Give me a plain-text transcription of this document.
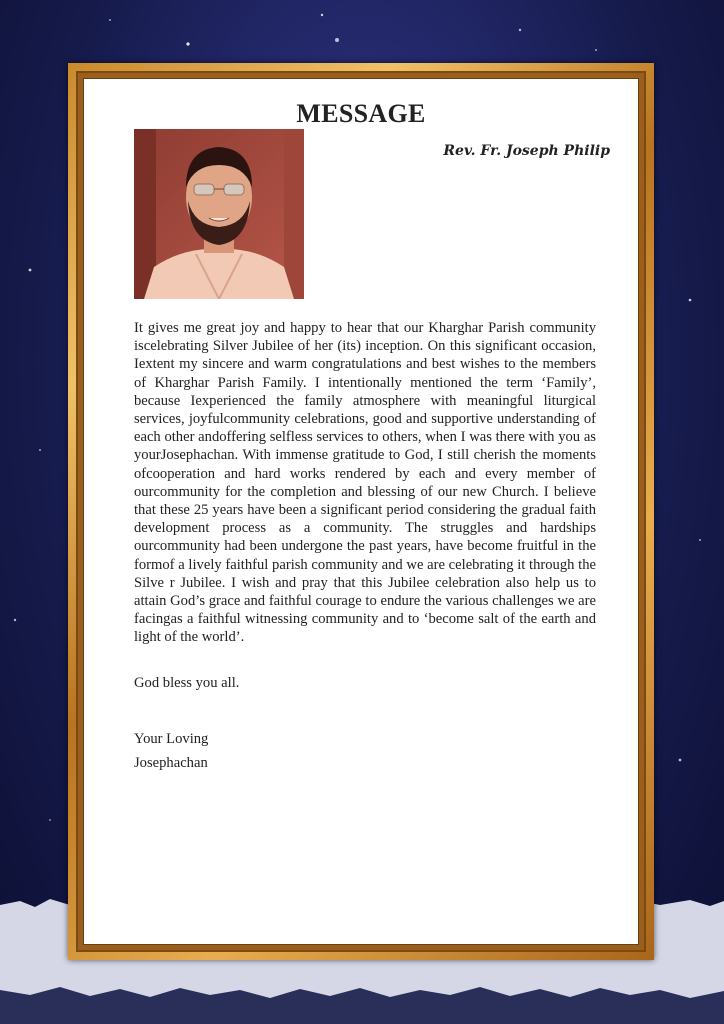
MESSAGE
Rev. Fr. Joseph Philip

It gives me great joy and happy to hear that our Kharghar Parish community iscelebrating Silver Jubilee of her (its) inception. On this significant occasion, Iextent my sincere and warm congratulations and best wishes to the members of Kharghar Parish Family. I intentionally mentioned the term ‘Family’, because Iexperienced the family atmosphere with meaningful liturgical services, joyfulcommunity celebrations, good and supportive understanding of each other andoffering selfless services to others, when I was there with you as yourJosephachan. With immense gratitude to God, I still cherish the moments ofcooperation and hard works rendered by each and every member of ourcommunity for the completion and blessing of our new Church. I believe that these 25 years have been a significant period considering the gradual faith development process as a community. The struggles and hardships ourcommunity had been undergone the past years, have become fruitful in the formof a lively faithful parish community and we are celebrating it through the Silve r Jubilee. I wish and pray that this Jubilee celebration also help us to attain God’s grace and faithful courage to endure the various challenges we are facingas a faithful witnessing community and to ‘become salt of the earth and light of the world’.

God bless you all.

Your Loving

Josephachan
